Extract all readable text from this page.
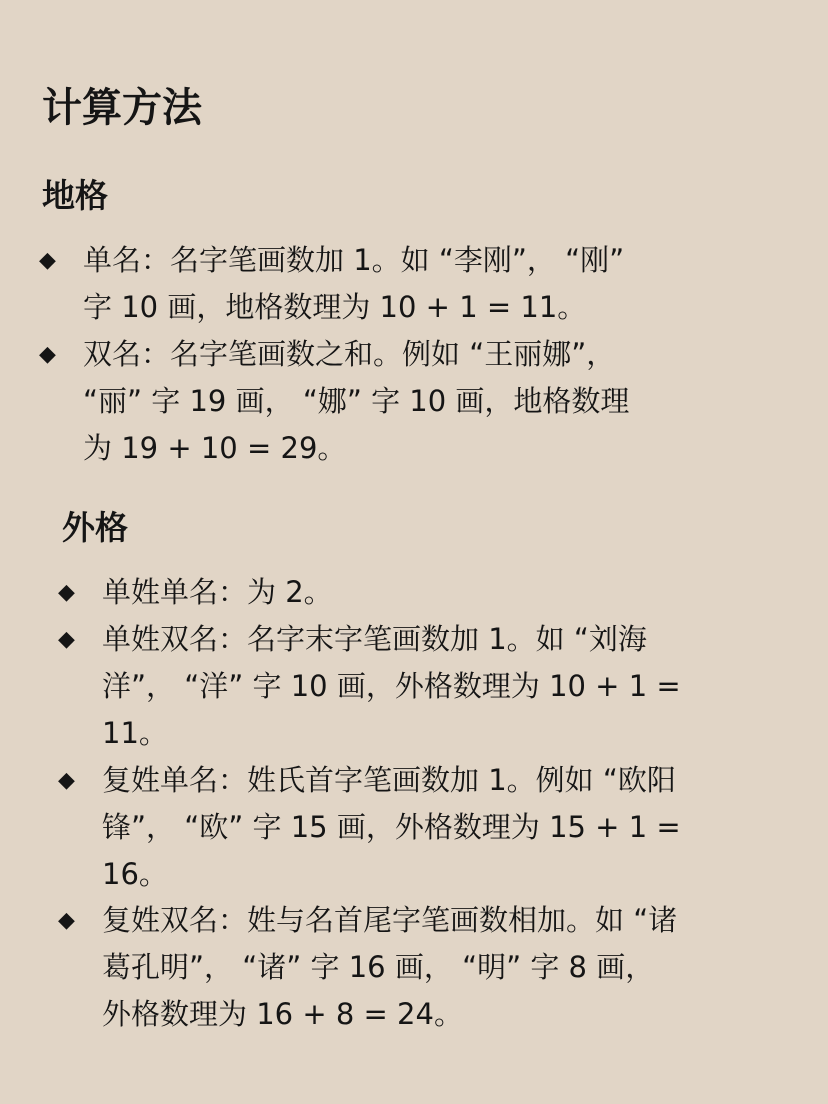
计算方法
地格
◆ 单名：名字笔画数加 1。如 “李刚”， “刚”
字 10 画，地格数理为 10 + 1 = 11。
◆ 双名：名字笔画数之和。例如 “王丽娜”，
“丽” 字 19 画， “娜” 字 10 画，地格数理
为 19 + 10 = 29。
外格
◆ 单姓单名：为 2。
◆ 单姓双名：名字末字笔画数加 1。如 “刘海
洋”， “洋” 字 10 画，外格数理为 10 + 1 =
11。
◆ 复姓单名：姓氏首字笔画数加 1。例如 “欧阳
锋”， “欧” 字 15 画，外格数理为 15 + 1 =
16。
◆ 复姓双名：姓与名首尾字笔画数相加。如 “诸
葛孔明”， “诸” 字 16 画， “明” 字 8 画，
外格数理为 16 + 8 = 24。
